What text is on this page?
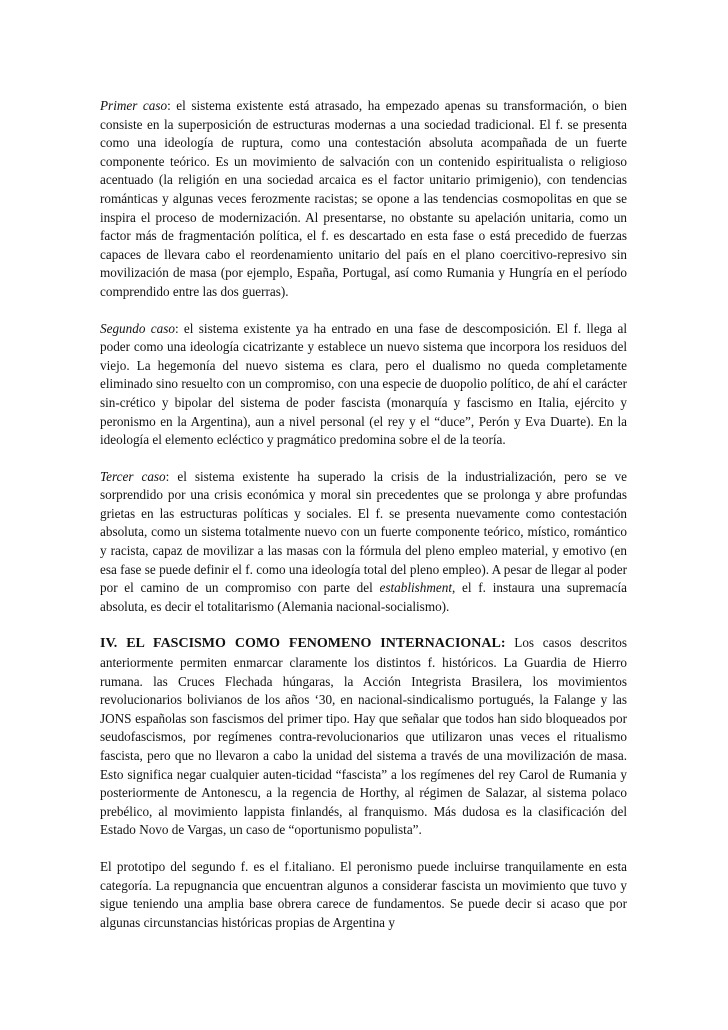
Primer caso: el sistema existente está atrasado, ha empezado apenas su transformación, o bien consiste en la superposición de estructuras modernas a una sociedad tradicional. El f. se presenta como una ideología de ruptura, como una contestación absoluta acompañada de un fuerte componente teórico. Es un movimiento de salvación con un contenido espiritualista o religioso acentuado (la religión en una sociedad arcaica es el factor unitario primigenio), con tendencias románticas y algunas veces ferozmente racistas; se opone a las tendencias cosmopolitas en que se inspira el proceso de modernización. Al presentarse, no obstante su apelación unitaria, como un factor más de fragmentación política, el f. es descartado en esta fase o está precedido de fuerzas capaces de llevara cabo el reordenamiento unitario del país en el plano coercitivo-represivo sin movilización de masa (por ejemplo, España, Portugal, así como Rumania y Hungría en el período comprendido entre las dos guerras).

Segundo caso: el sistema existente ya ha entrado en una fase de descomposición. El f. llega al poder como una ideología cicatrizante y establece un nuevo sistema que incorpora los residuos del viejo. La hegemonía del nuevo sistema es clara, pero el dualismo no queda completamente eliminado sino resuelto con un compromiso, con una especie de duopolio político, de ahí el carácter sin-crético y bipolar del sistema de poder fascista (monarquía y fascismo en Italia, ejército y peronismo en la Argentina), aun a nivel personal (el rey y el “duce”, Perón y Eva Duarte). En la ideología el elemento ecléctico y pragmático predomina sobre el de la teoría.

Tercer caso: el sistema existente ha superado la crisis de la industrialización, pero se ve sorprendido por una crisis económica y moral sin precedentes que se prolonga y abre profundas grietas en las estructuras políticas y sociales. El f. se presenta nuevamente como contestación absoluta, como un sistema totalmente nuevo con un fuerte componente teórico, místico, romántico y racista, capaz de movilizar a las masas con la fórmula del pleno empleo material, y emotivo (en esa fase se puede definir el f. como una ideología total del pleno empleo). A pesar de llegar al poder por el camino de un compromiso con parte del establishment, el f. instaura una supremacía absoluta, es decir el totalitarismo (Alemania nacional-socialismo).

IV. EL FASCISMO COMO FENOMENO INTERNACIONAL: Los casos descritos anteriormente permiten enmarcar claramente los distintos f. históricos. La Guardia de Hierro rumana. las Cruces Flechada húngaras, la Acción Integrista Brasilera, los movimientos revolucionarios bolivianos de los años ‘30, en nacional-sindicalismo portugués, la Falange y las JONS españolas son fascismos del primer tipo. Hay que señalar que todos han sido bloqueados por seudofascismos, por regímenes contra-revolucionarios que utilizaron unas veces el ritualismo fascista, pero que no llevaron a cabo la unidad del sistema a través de una movilización de masa. Esto significa negar cualquier auten-ticidad “fascista” a los regímenes del rey Carol de Rumania y posteriormente de Antonescu, a la regencia de Horthy, al régimen de Salazar, al sistema polaco prebélico, al movimiento lappista finlandés, al franquismo. Más dudosa es la clasificación del Estado Novo de Vargas, un caso de “oportunismo populista”.

El prototipo del segundo f. es el f.italiano. El peronismo puede incluirse tranquilamente en esta categoría. La repugnancia que encuentran algunos a considerar fascista un movimiento que tuvo y sigue teniendo una amplia base obrera carece de fundamentos. Se puede decir si acaso que por algunas circunstancias históricas propias de Argentina y
